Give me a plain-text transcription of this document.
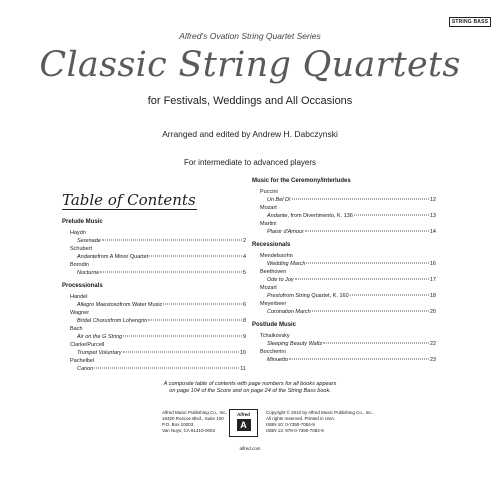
STRING BASS
Alfred's Ovation String Quartet Series
Classic String Quartets
for Festivals, Weddings and All Occasions
Arranged and edited by Andrew H. Dabczynski
For intermediate to advanced players
Table of Contents
Prelude Music
Haydn
Serenade	2
Schubert
Andante from A Minor Quartet	4
Borodin
Nocturne	5
Processionals
Handel
Allegro Maestoso from Water Music	6
Wagner
Bridal Chorus from Lohengrin	8
Bach
Air on the G String	9
Clarke/Purcell
Trumpet Voluntary	10
Pachelbel
Canon	11
Music for the Ceremony/Interludes
Puccini
Un Bel Dì	12
Mozart
Andante , from Divertimento, K. 136	13
Martini
Plaisir d'Amour	14
Recessionals
Mendelssohn
Wedding March	16
Beethoven
Ode to Joy	17
Mozart
Presto from String Quartet, K. 160	18
Meyerbeer
Coronation March	20
Postlude Music
Tchaikovsky
Sleeping Beauty Waltz	22
Boccherini
Minuetto	23
A composite table of contents with page numbers for all books appears
on page 104 of the Score and on page 24 of the String Bass book.
Alfred Music Publishing Co., Inc.
16320 Roscoe Blvd., Suite 100
P.O. Box 10003
Van Nuys, CA 91410-0003
Alfred
A
Copyright © 2010 by Alfred Music Publishing Co., Inc.
All rights reserved. Printed in USA.
ISBN 10: 0-7390-7084-9
ISBN 13: 978-0-7390-7084-9
alfred.com
